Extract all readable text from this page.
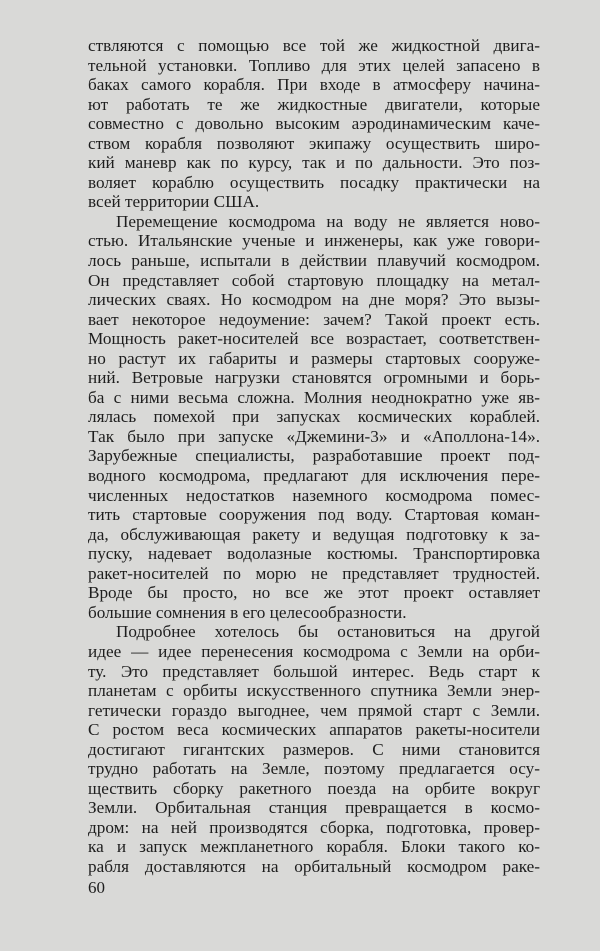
ствляются с помощью все той же жидкостной двига-
тельной установки. Топливо для этих целей запасено в
баках самого корабля. При входе в атмосферу начина-
ют работать те же жидкостные двигатели, которые
совместно с довольно высоким аэродинамическим каче-
ством корабля позволяют экипажу осуществить широ-
кий маневр как по курсу, так и по дальности. Это поз-
воляет кораблю осуществить посадку практически на
всей территории США.
Перемещение космодрома на воду не является ново-
стью. Итальянские ученые и инженеры, как уже говори-
лось раньше, испытали в действии плавучий космодром.
Он представляет собой стартовую площадку на метал-
лических сваях. Но космодром на дне моря? Это вызы-
вает некоторое недоумение: зачем? Такой проект есть.
Мощность ракет-носителей все возрастает, соответствен-
но растут их габариты и размеры стартовых сооруже-
ний. Ветровые нагрузки становятся огромными и борь-
ба с ними весьма сложна. Молния неоднократно уже яв-
лялась помехой при запусках космических кораблей.
Так было при запуске «Джемини-3» и «Аполлона-14».
Зарубежные специалисты, разработавшие проект под-
водного космодрома, предлагают для исключения пере-
численных недостатков наземного космодрома помес-
тить стартовые сооружения под воду. Стартовая коман-
да, обслуживающая ракету и ведущая подготовку к за-
пуску, надевает водолазные костюмы. Транспортировка
ракет-носителей по морю не представляет трудностей.
Вроде бы просто, но все же этот проект оставляет
большие сомнения в его целесообразности.
Подробнее хотелось бы остановиться на другой
идее — идее перенесения космодрома с Земли на орби-
ту. Это представляет большой интерес. Ведь старт к
планетам с орбиты искусственного спутника Земли энер-
гетически гораздо выгоднее, чем прямой старт с Земли.
С ростом веса космических аппаратов ракеты-носители
достигают гигантских размеров. С ними становится
трудно работать на Земле, поэтому предлагается осу-
ществить сборку ракетного поезда на орбите вокруг
Земли. Орбитальная станция превращается в космо-
дром: на ней производятся сборка, подготовка, провер-
ка и запуск межпланетного корабля. Блоки такого ко-
рабля доставляются на орбитальный космодром раке-
60
